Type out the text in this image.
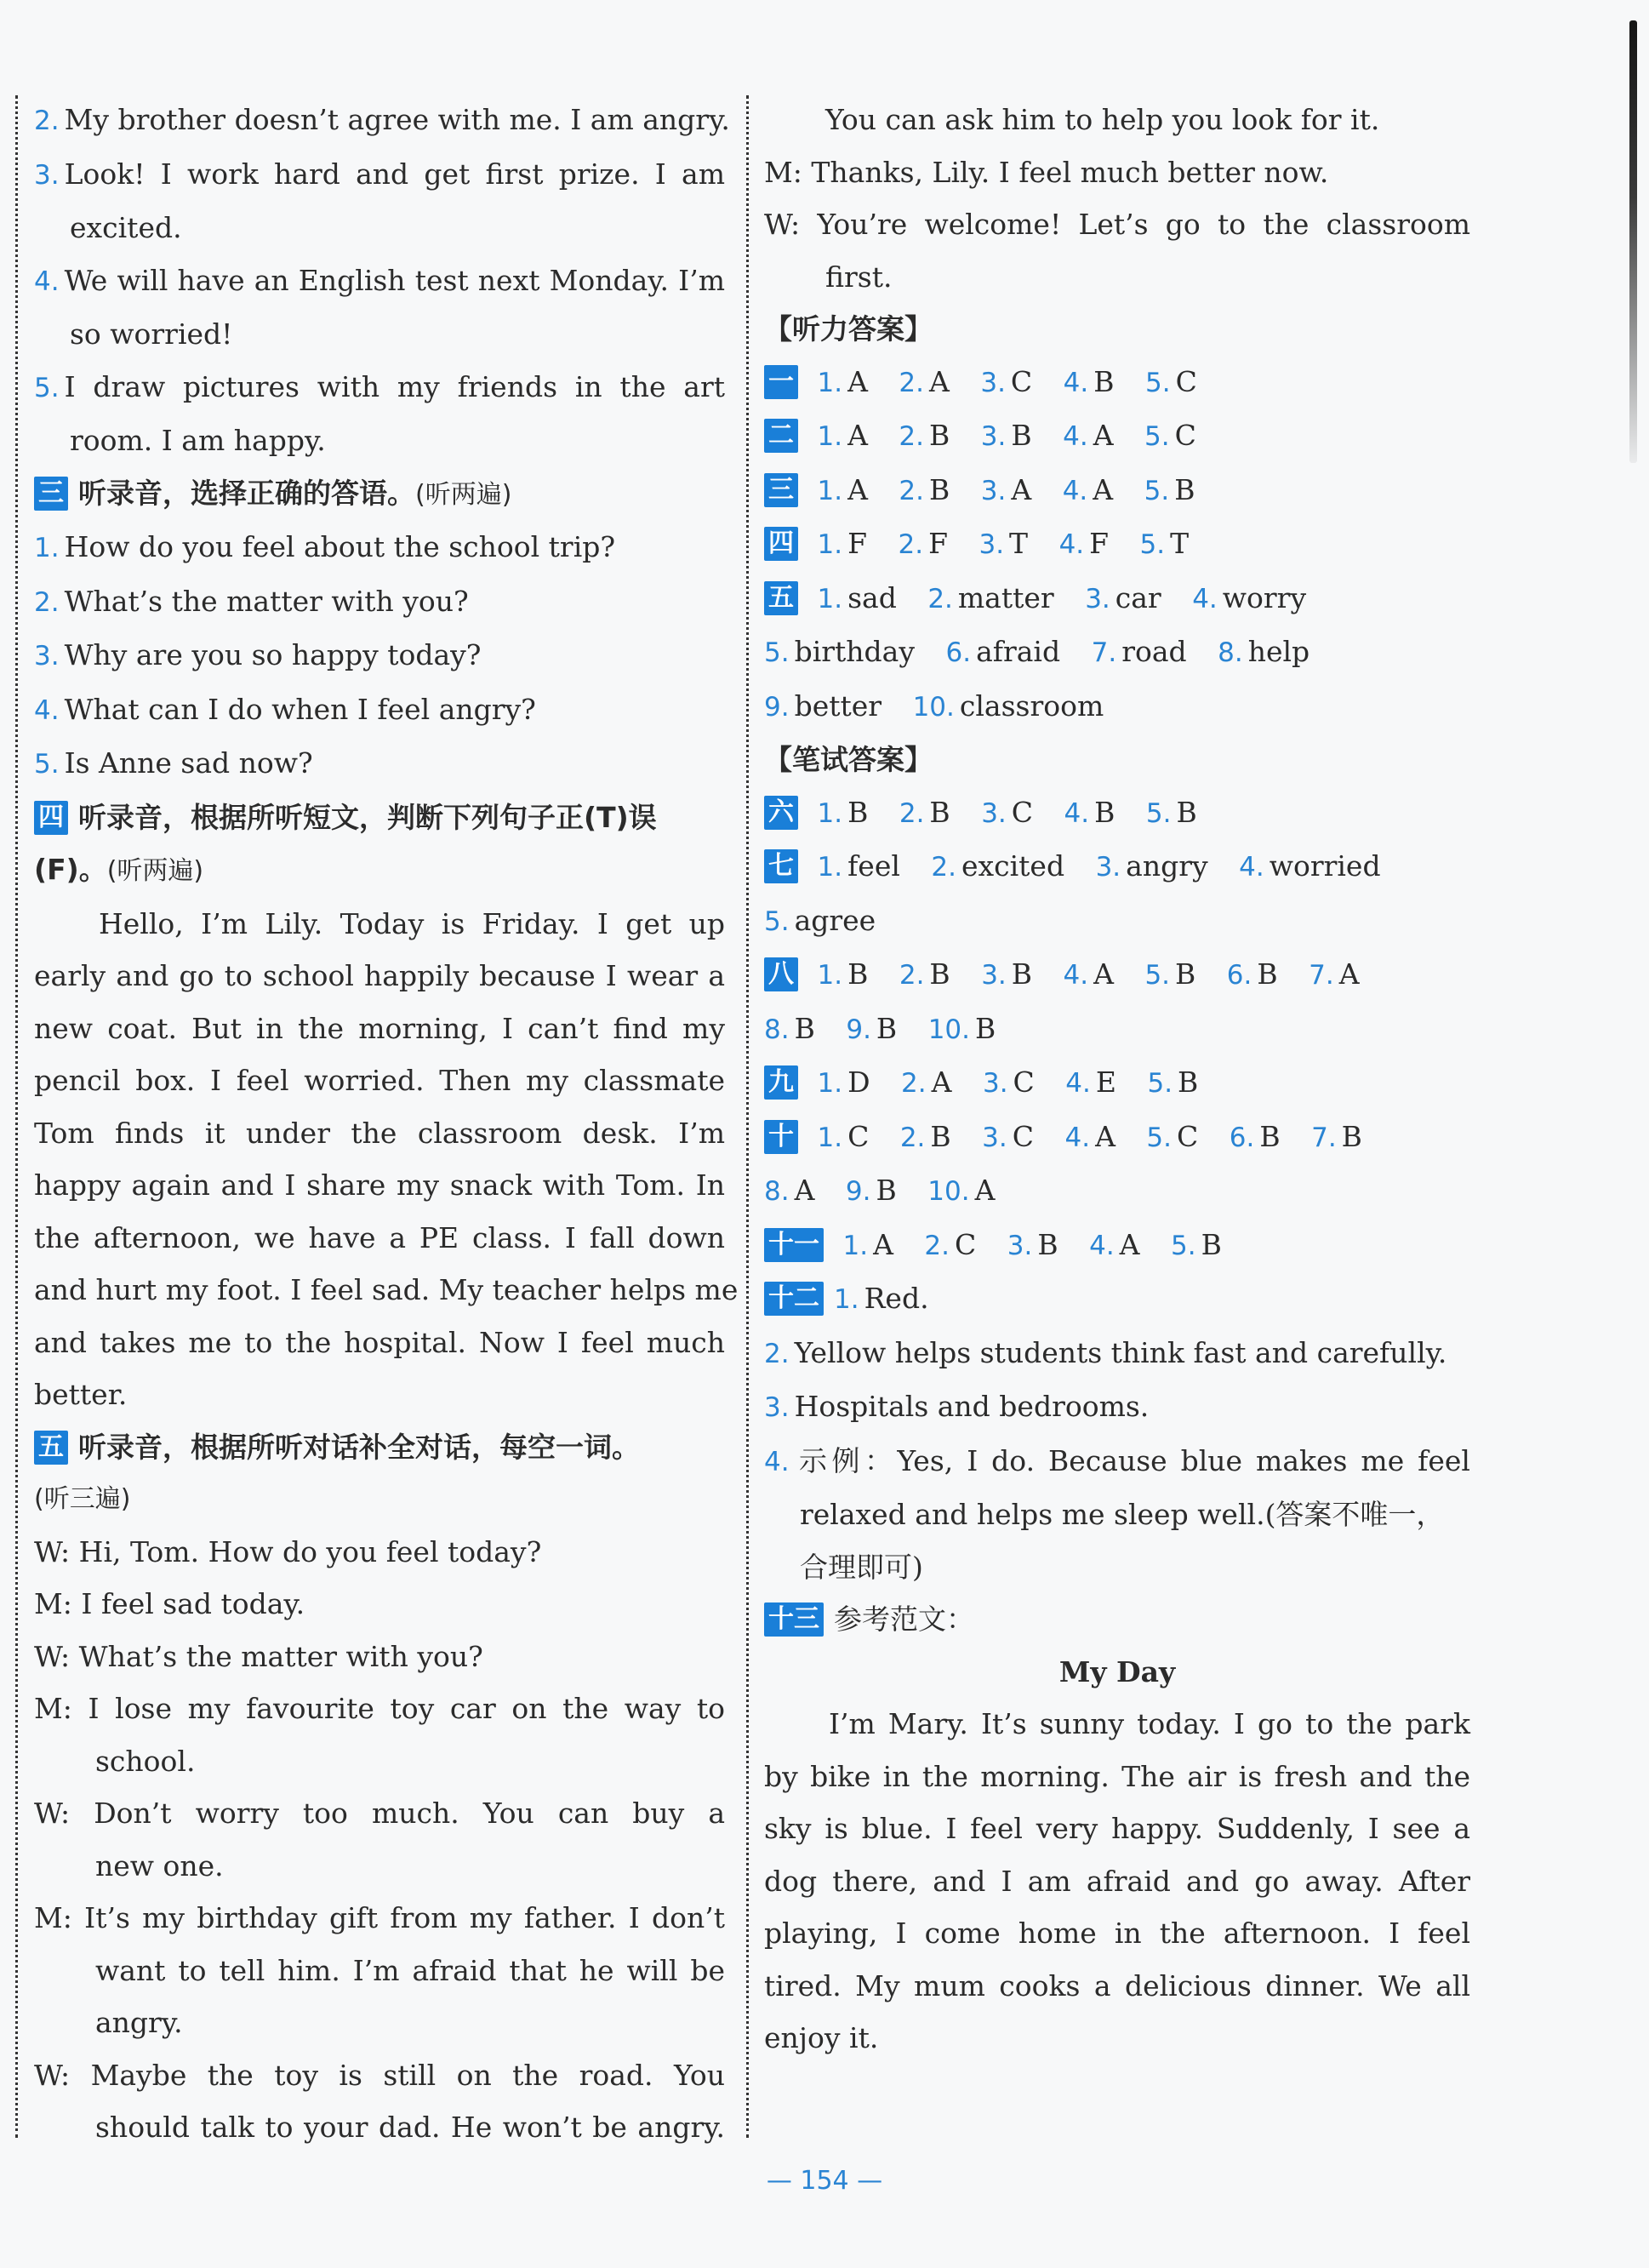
2. My brother doesn’t agree with me. I am angry.
3. Look! I work hard and get first prize. I am
excited.
4. We will have an English test next Monday. I’m
so worried!
5. I draw pictures with my friends in the art
room. I am happy.
三 听录音，选择正确的答语。(听两遍)
1. How do you feel about the school trip?
2. What’s the matter with you?
3. Why are you so happy today?
4. What can I do when I feel angry?
5. Is Anne sad now?
四 听录音，根据所听短文，判断下列句子正(T)误
(F)。(听两遍)
Hello, I’m Lily. Today is Friday. I get up
early and go to school happily because I wear a
new coat. But in the morning, I can’t find my
pencil box. I feel worried. Then my classmate
Tom finds it under the classroom desk. I’m
happy again and I share my snack with Tom. In
the afternoon, we have a PE class. I fall down
and hurt my foot. I feel sad. My teacher helps me
and takes me to the hospital. Now I feel much
better.
五 听录音，根据所听对话补全对话，每空一词。
(听三遍)
W: Hi, Tom. How do you feel today?
M: I feel sad today.
W: What’s the matter with you?
M: I lose my favourite toy car on the way to
school.
W: Don’t worry too much. You can buy a
new one.
M: It’s my birthday gift from my father. I don’t
want to tell him. I’m afraid that he will be
angry.
W: Maybe the toy is still on the road. You
should talk to your dad. He won’t be angry.
You can ask him to help you look for it.
M: Thanks, Lily. I feel much better now.
W: You’re welcome! Let’s go to the classroom
first.
【听力答案】
一 1. A 2. A 3. C 4. B 5. C
二 1. A 2. B 3. B 4. A 5. C
三 1. A 2. B 3. A 4. A 5. B
四 1. F 2. F 3. T 4. F 5. T
五 1. sad 2. matter 3. car 4. worry
5. birthday 6. afraid 7. road 8. help
9. better 10. classroom
【笔试答案】
六 1. B 2. B 3. C 4. B 5. B
七 1. feel 2. excited 3. angry 4. worried
5. agree
八 1. B 2. B 3. B 4. A 5. B 6. B 7. A
8. B 9. B 10. B
九 1. D 2. A 3. C 4. E 5. B
十 1. C 2. B 3. C 4. A 5. C 6. B 7. B
8. A 9. B 10. A
十一 1. A 2. C 3. B 4. A 5. B
十二 1. Red.
2. Yellow helps students think fast and carefully.
3. Hospitals and bedrooms.
4. 示例：Yes, I do. Because blue makes me feel
relaxed and helps me sleep well.(答案不唯一，
合理即可)
十三 参考范文：
My Day
I’m Mary. It’s sunny today. I go to the park
by bike in the morning. The air is fresh and the
sky is blue. I feel very happy. Suddenly, I see a
dog there, and I am afraid and go away. After
playing, I come home in the afternoon. I feel
tired. My mum cooks a delicious dinner. We all
enjoy it.
— 154 —
